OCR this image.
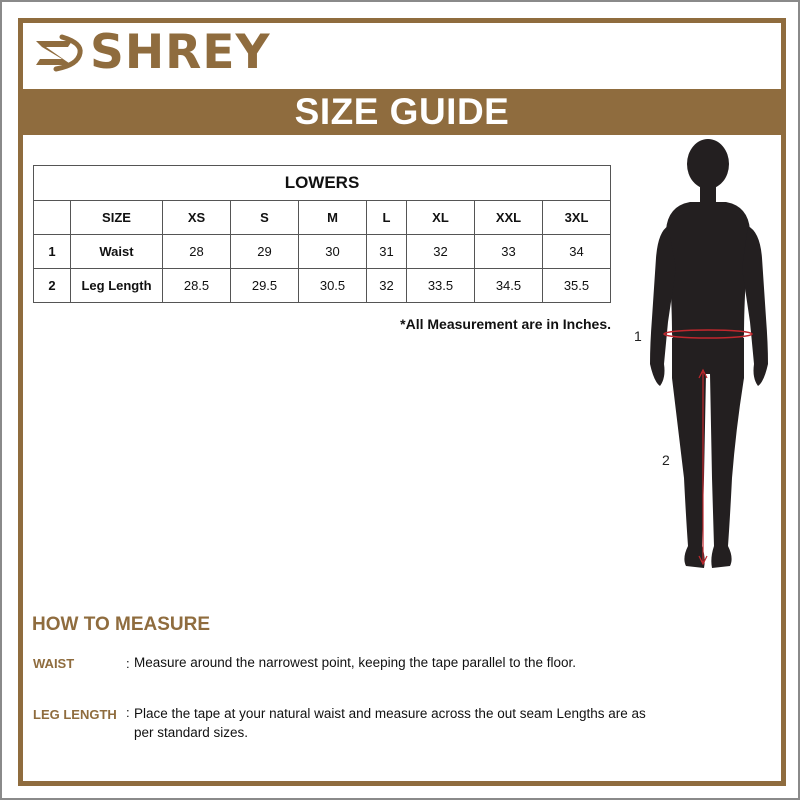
SHREY
SIZE GUIDE
LOWERS								
	SIZE	XS	S	M	L	XL	XXL	3XL
1	Waist	28	29	30	31	32	33	34
2	Leg Length	28.5	29.5	30.5	32	33.5	34.5	35.5
*All Measurement are in Inches.
1
2
HOW TO MEASURE
WAIST	: Measure around the narrowest point, keeping the tape parallel to the floor.
LEG LENGTH : Place the tape at your natural waist and measure across the out seam Lengths are as
per standard sizes.
